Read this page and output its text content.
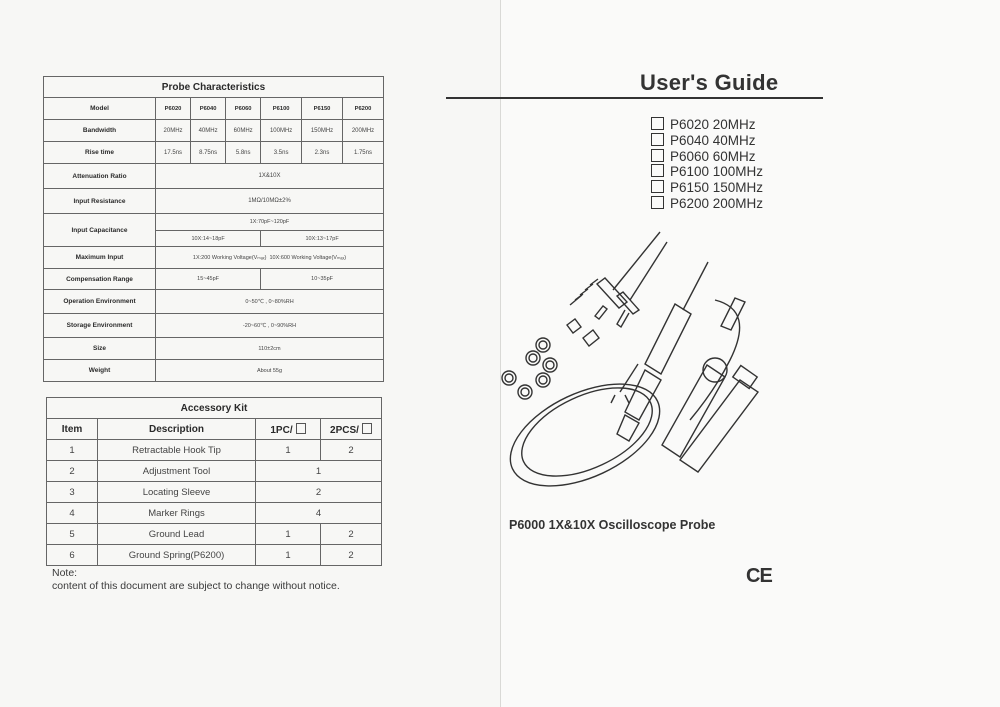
Probe Characteristics						
Model	P6020	P6040	P6060	P6100	P6150	P6200
Bandwidth	20MHz	40MHz	60MHz	100MHz	150MHz	200MHz
Rise time	17.5ns	8.75ns	5.8ns	3.5ns	2.3ns	1.75ns
Attenuation Ratio	1X&10X					
Input Resistance	1MΩ/10MΩ±2%					
Input Capacitance	1X:70pF~120pF					
	10X:14~18pF			10X:13~17pF		
Maximum Input	1X:200 Working Voltage(Vₘₐₓ) 10X:600 Working Voltage(Vₘₐₓ)					
Compensation Range	15~45pF			10~35pF		
Operation Environment	0~50℃ , 0~80%RH					
Storage Environment	-20~60℃ , 0~90%RH					
Size	110±2cm					
Weight	About 55g					
Accessory Kit			
Item	Description	1PC/	2PCS/
1	Retractable Hook Tip	1	2
2	Adjustment Tool	1	
3	Locating Sleeve	2	
4	Marker Rings	4	
5	Ground Lead	1	2
6	Ground Spring(P6200)	1	2
Note:
content of this document are subject to change without notice.
User's Guide
P6020 20MHz
P6040 40MHz
P6060 60MHz
P6100 100MHz
P6150 150MHz
P6200 200MHz
P6000 1X&10X Oscilloscope Probe
CE
